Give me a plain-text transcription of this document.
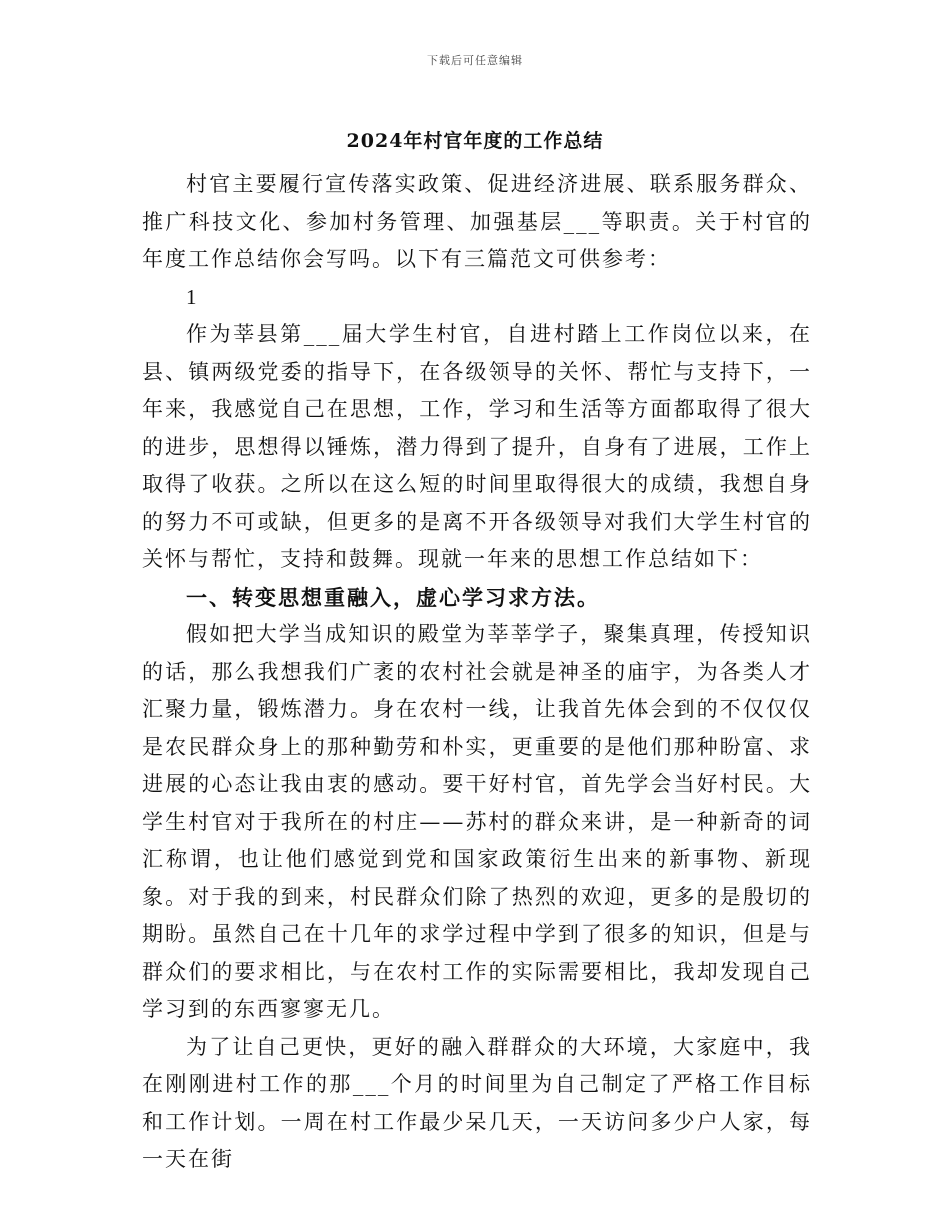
下载后可任意编辑
2024年村官年度的工作总结

村官主要履行宣传落实政策、促进经济进展、联系服务群众、推广科技文化、参加村务管理、加强基层___等职责。关于村官的年度工作总结你会写吗。以下有三篇范文可供参考：

1

作为莘县第___届大学生村官，自进村踏上工作岗位以来，在县、镇两级党委的指导下，在各级领导的关怀、帮忙与支持下，一年来，我感觉自己在思想，工作，学习和生活等方面都取得了很大的进步，思想得以锤炼，潜力得到了提升，自身有了进展，工作上取得了收获。之所以在这么短的时间里取得很大的成绩，我想自身的努力不可或缺，但更多的是离不开各级领导对我们大学生村官的关怀与帮忙，支持和鼓舞。现就一年来的思想工作总结如下：

一、转变思想重融入，虚心学习求方法。

假如把大学当成知识的殿堂为莘莘学子，聚集真理，传授知识的话，那么我想我们广袤的农村社会就是神圣的庙宇，为各类人才汇聚力量，锻炼潜力。身在农村一线，让我首先体会到的不仅仅仅是农民群众身上的那种勤劳和朴实，更重要的是他们那种盼富、求进展的心态让我由衷的感动。要干好村官，首先学会当好村民。大学生村官对于我所在的村庄——苏村的群众来讲，是一种新奇的词汇称谓，也让他们感觉到党和国家政策衍生出来的新事物、新现象。对于我的到来，村民群众们除了热烈的欢迎，更多的是殷切的期盼。虽然自己在十几年的求学过程中学到了很多的知识，但是与群众们的要求相比，与在农村工作的实际需要相比，我却发现自己学习到的东西寥寥无几。

为了让自己更快，更好的融入群群众的大环境，大家庭中，我在刚刚进村工作的那___个月的时间里为自己制定了严格工作目标和工作计划。一周在村工作最少呆几天，一天访问多少户人家，每一天在街
